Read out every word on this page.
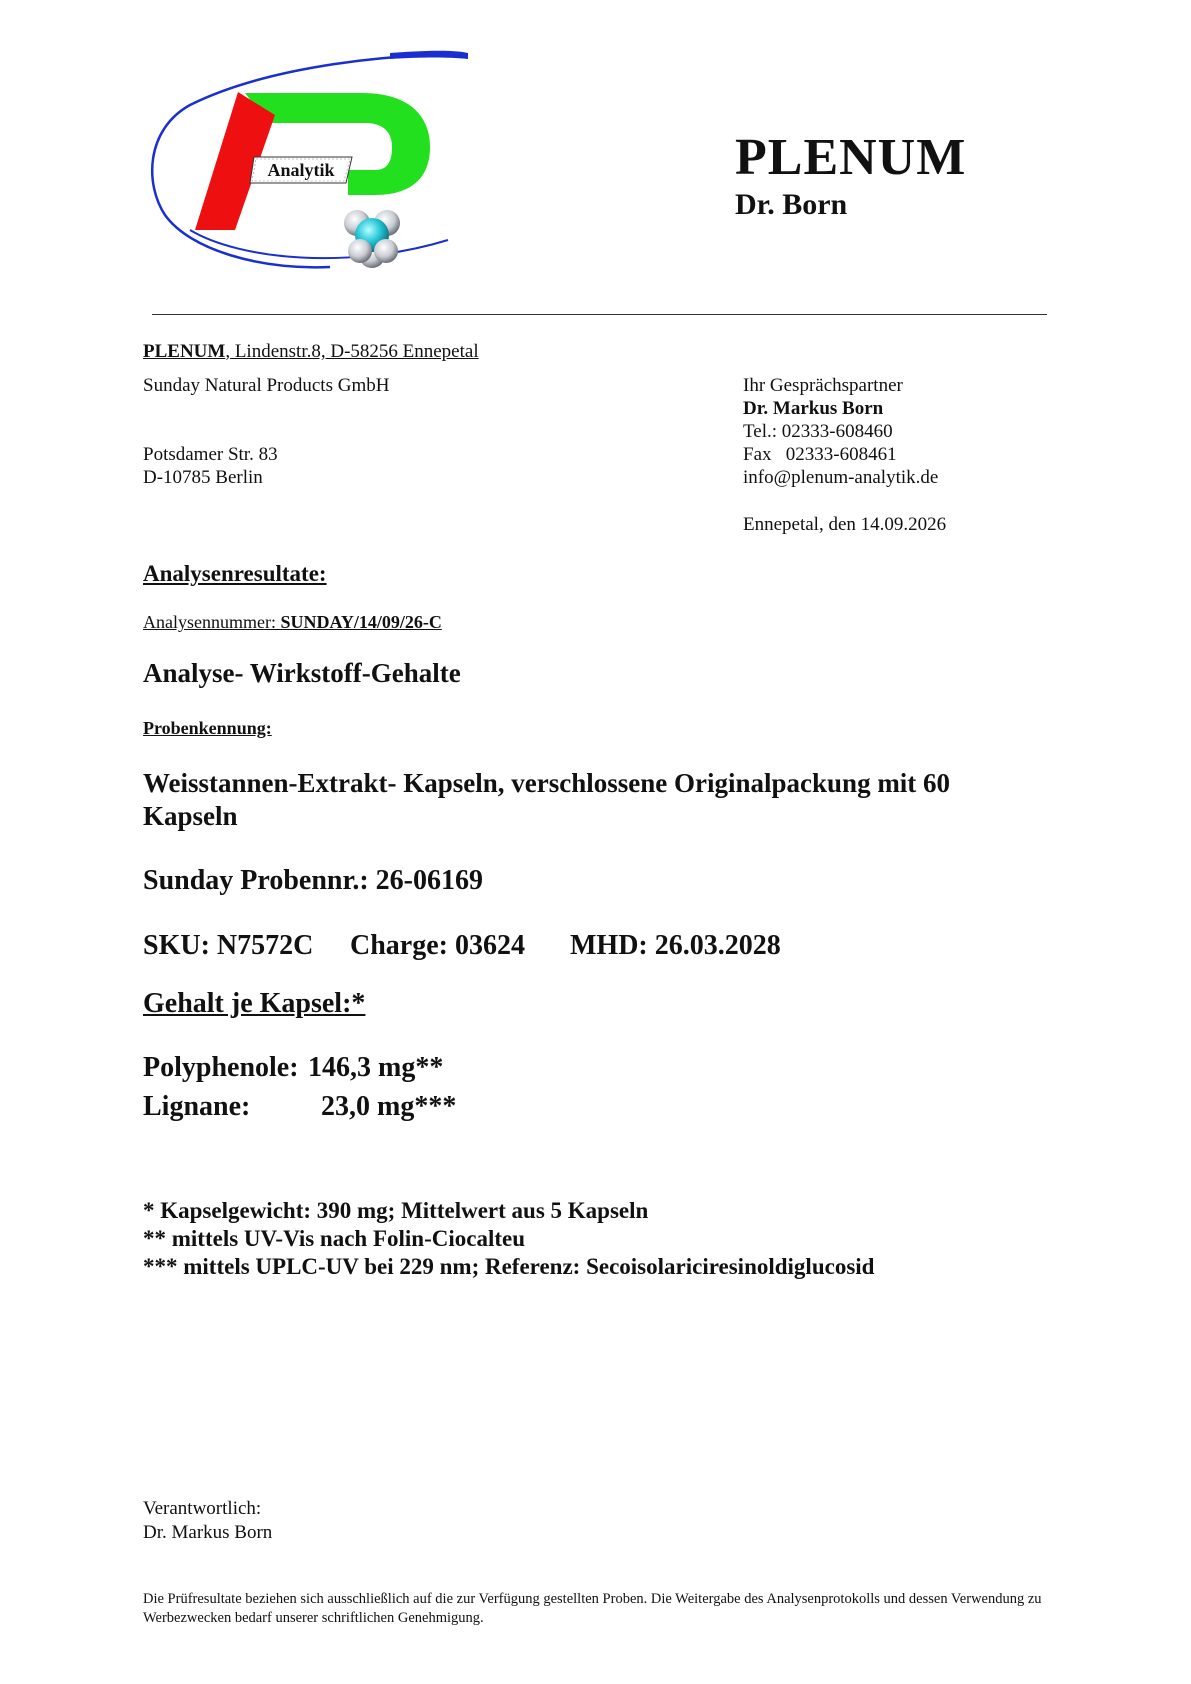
Analytik	PLENUM
Dr. Born
PLENUM, Lindenstr.8, D-58256 Ennepetal
Sunday Natural Products GmbH
Potsdamer Str. 83
D-10785 Berlin
Ihr Gesprächspartner
Dr. Markus Born
Tel.: 02333-608460
Fax   02333-608461
info@plenum-analytik.de
Ennepetal, den 14.09.2026
Analysenresultate:
Analysennummer: SUNDAY/14/09/26-C
Analyse- Wirkstoff-Gehalte
Probenkennung:
Weisstannen-Extrakt- Kapseln, verschlossene Originalpackung mit 60 Kapseln
Sunday Probennr.: 26-06169
SKU: N7572C Charge: 03624 MHD: 26.03.2028
Gehalt je Kapsel:*
Polyphenole: 146,3 mg**
Lignane:	23,0 mg***
* Kapselgewicht: 390 mg; Mittelwert aus 5 Kapseln
** mittels UV-Vis nach Folin-Ciocalteu
*** mittels UPLC-UV bei 229 nm; Referenz: Secoisolariciresinoldiglucosid
Verantwortlich:
Dr. Markus Born
Die Prüfresultate beziehen sich ausschließlich auf die zur Verfügung gestellten Proben. Die Weitergabe des Analysenprotokolls und dessen Verwendung zu Werbezwecken bedarf unserer schriftlichen Genehmigung.
